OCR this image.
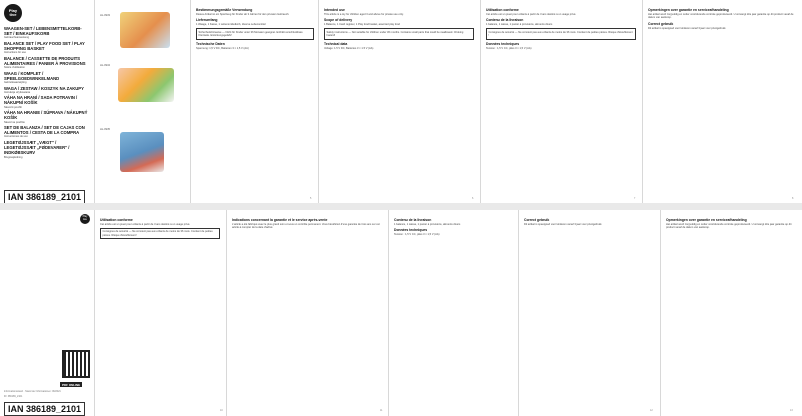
Play
tive
WAAGEN-SET / LEBENSMITTELKORB-SET / EINKAUFSKORB

Gebrauchsanweisung

BALANCE SET / PLAY FOOD SET / PLAY SHOPPING BASKET

Instructions for use

BALANCE / CASSETTE DE PRODUITS ALIMENTAIRES / PANIER À PROVISIONS

Notice d'utilisation

WAAG / KOMPLET / SPEELGOEDWINKELMAND

Gebruiksaanwijzing

WAGA / ZESTAW / KOSZYK NA ZAKUPY

Instrukcja użytkowania

VÁHA NA HRANÍ / SADA POTRAVIN / NÁKUPNÍ KOŠÍK

Návod k použití

VÁHA NA HRANIE / SÚPRAVA / NÁKUPNÝ KOŠÍK

Návod na použitie

SET DE BALANZA / SET DE CAJAS CON ALIMENTOS / CESTA DE LA COMPRA

Instrucciones de uso

LEGETØJSSÆT „VÆGT" / LEGETØJSSÆT „FØDEVARER" / INDKØBSKURV

Brugsvejledning

IAN 386189_2101
HL-0933
HL-0934
HL-0935
Bestimmungsgemäße Verwendung

Dieses Artikel ist ein Spielzeug für Kinder ab 3 Jahren für den privaten Gebrauch.

Lieferumfang

1 Waage, 1 Kasse, 1 Lebensmittelkorb, diverse Lebensmittel

Sicherheitshinweise — Nicht für Kinder unter 36 Monaten geeignet. Enthält verschluckbare Kleinteile. Erstickungsgefahr!
Technische Daten

Spannung: 1,5 V DC, Batterien 3 × 1,5 V (AA)

Intended use

This article is a toy for children aged 3 and above for private use only.

Scope of delivery

1 Balance, 1 Cash register, 1 Play food basket, assorted play food

Safety instructions — Not suitable for children under 36 months. Contains small parts that could be swallowed. Choking hazard!
Technical data

Voltage: 1.5 V DC, Batteries 3 × 1.5 V (AA)

Utilisation conforme

Cet article est un jouet pour enfants à partir de 3 ans destiné à un usage privé.

Contenu de la livraison

1 balance, 1 caisse, 1 panier à provisions, aliments divers

Consignes de sécurité — Ne convient pas aux enfants de moins de 36 mois. Contient de petites pièces. Risque d'étouffement !
Données techniques

Tension : 1,5 V CC, piles 3 × 1,5 V (AA)

Opmerkingen over garantie en serviceafhandeling

Het artikel werd zorgvuldig en onder voortdurende controle geproduceerd. U ontvangt drie jaar garantie op dit product vanaf de datum van aankoop.

Correct gebruik

Dit artikel is speelgoed voor kinderen vanaf 3 jaar voor privégebruik.

5	6	7	8
Play
tive
PDF ONLINE
Informationsstand · Stand der Informationen: 06/2021
ID: 386189_2101
IAN 386189_2101
Utilisation conforme

Cet article est un jouet pour enfants à partir de 3 ans destiné à un usage privé.

Consignes de sécurité — Ne convient pas aux enfants de moins de 36 mois. Contient de petites pièces. Risque d'étouffement !
Indications concernant la garantie et le service après-vente

L'article a été fabriqué avec le plus grand soin et sous un contrôle permanent. Vous bénéficiez d'une garantie de trois ans sur cet article à compter de la date d'achat.

Contenu de la livraison

1 balance, 1 caisse, 1 panier à provisions, aliments divers

Données techniques

Tension : 1,5 V CC, piles 3 × 1,5 V (AA)

Correct gebruik

Dit artikel is speelgoed voor kinderen vanaf 3 jaar voor privégebruik.

Opmerkingen over garantie en serviceafhandeling

Het artikel werd zorgvuldig en onder voortdurende controle geproduceerd. U ontvangt drie jaar garantie op dit product vanaf de datum van aankoop.

10	11	12	13
